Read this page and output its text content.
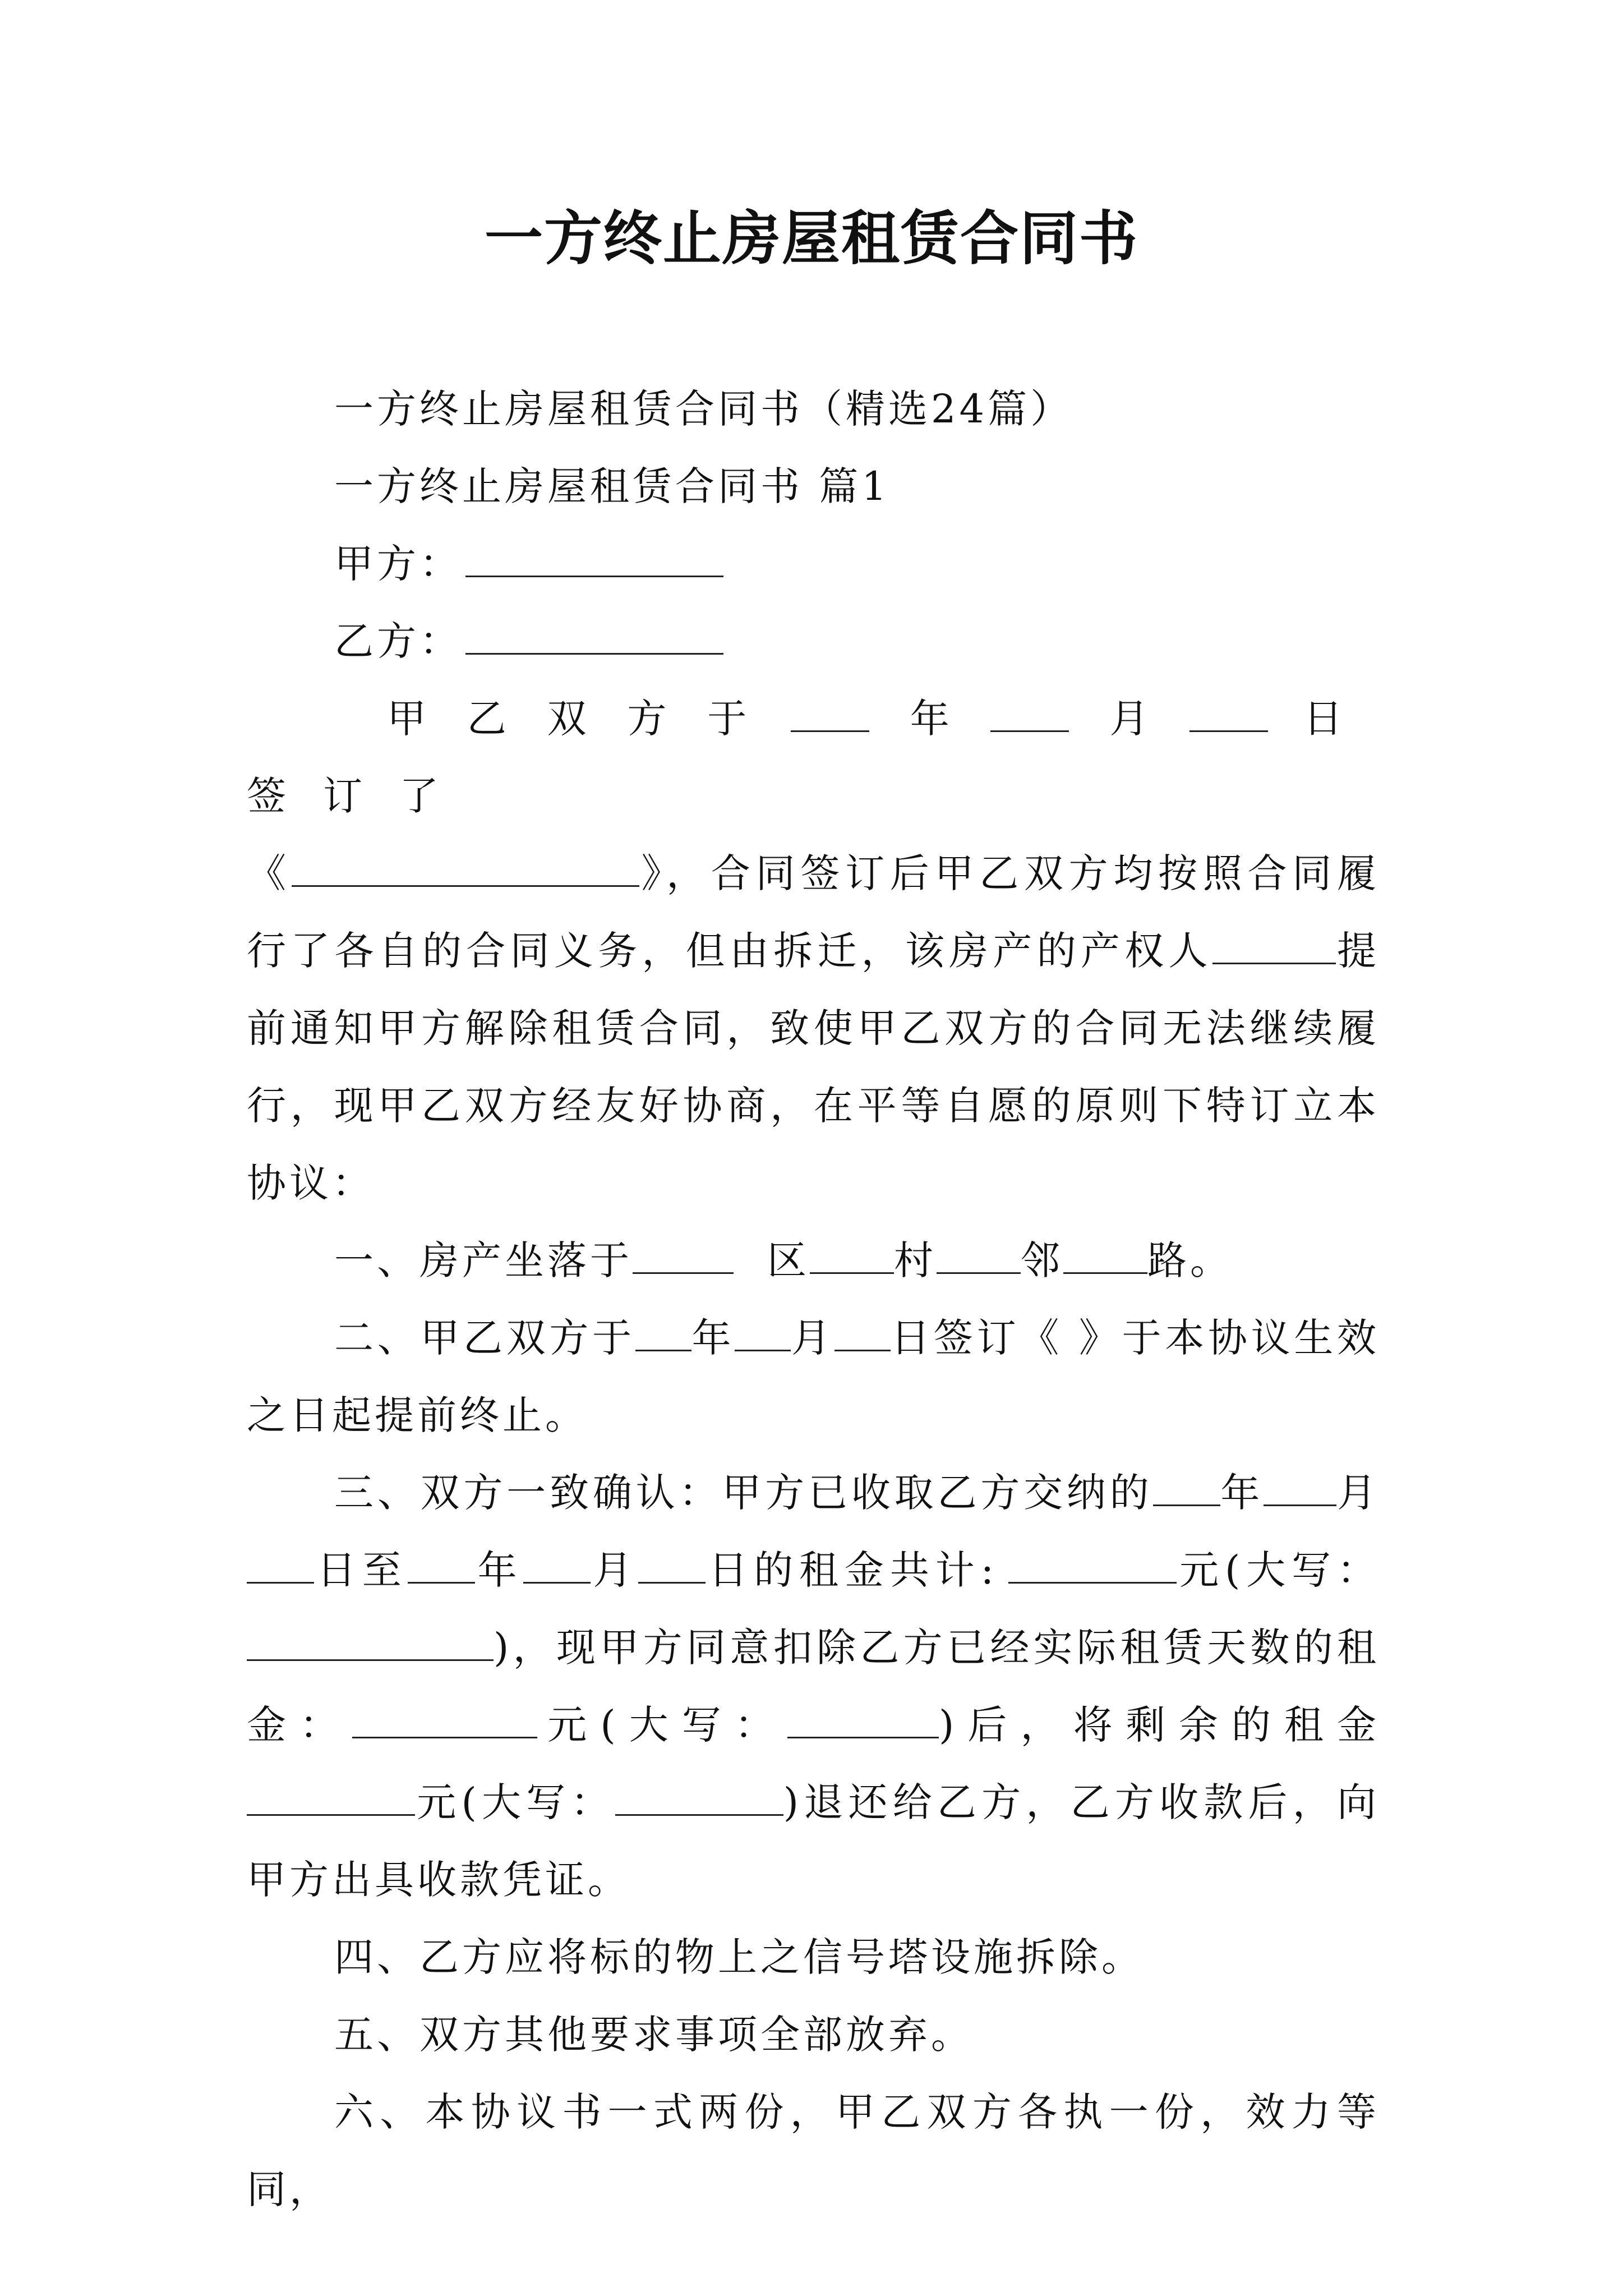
一方终止房屋租赁合同书

一方终止房屋租赁合同书（精选24篇）

一方终止房屋租赁合同书 篇1

甲方：

乙方：

甲乙双方于	年	月	日签订了
《	》，合同签订后甲乙双方均按照合同履行了各自的合同义务，但由拆迁，该房产的产权人	提前通知甲方解除租赁合同，致使甲乙双方的合同无法继续履行，现甲乙双方经友好协商，在平等自愿的原则下特订立本协议：

一、房产坐落于	区 村 邻 路。

二、甲乙双方于 年 月 日签订《 》于本协议生效之日起提前终止。

三、双方一致确认：甲方已收取乙方交纳的 年 月日至 年 月 日的租金共计:	元(大写：)，现甲方同意扣除乙方已经实际租赁天数的租金：	元(大写：	)后，将剩余的租金元(大写：	)退还给乙方，乙方收款后，向甲方出具收款凭证。

四、乙方应将标的物上之信号塔设施拆除。

五、双方其他要求事项全部放弃。

六、本协议书一式两份，甲乙双方各执一份，效力等同，
